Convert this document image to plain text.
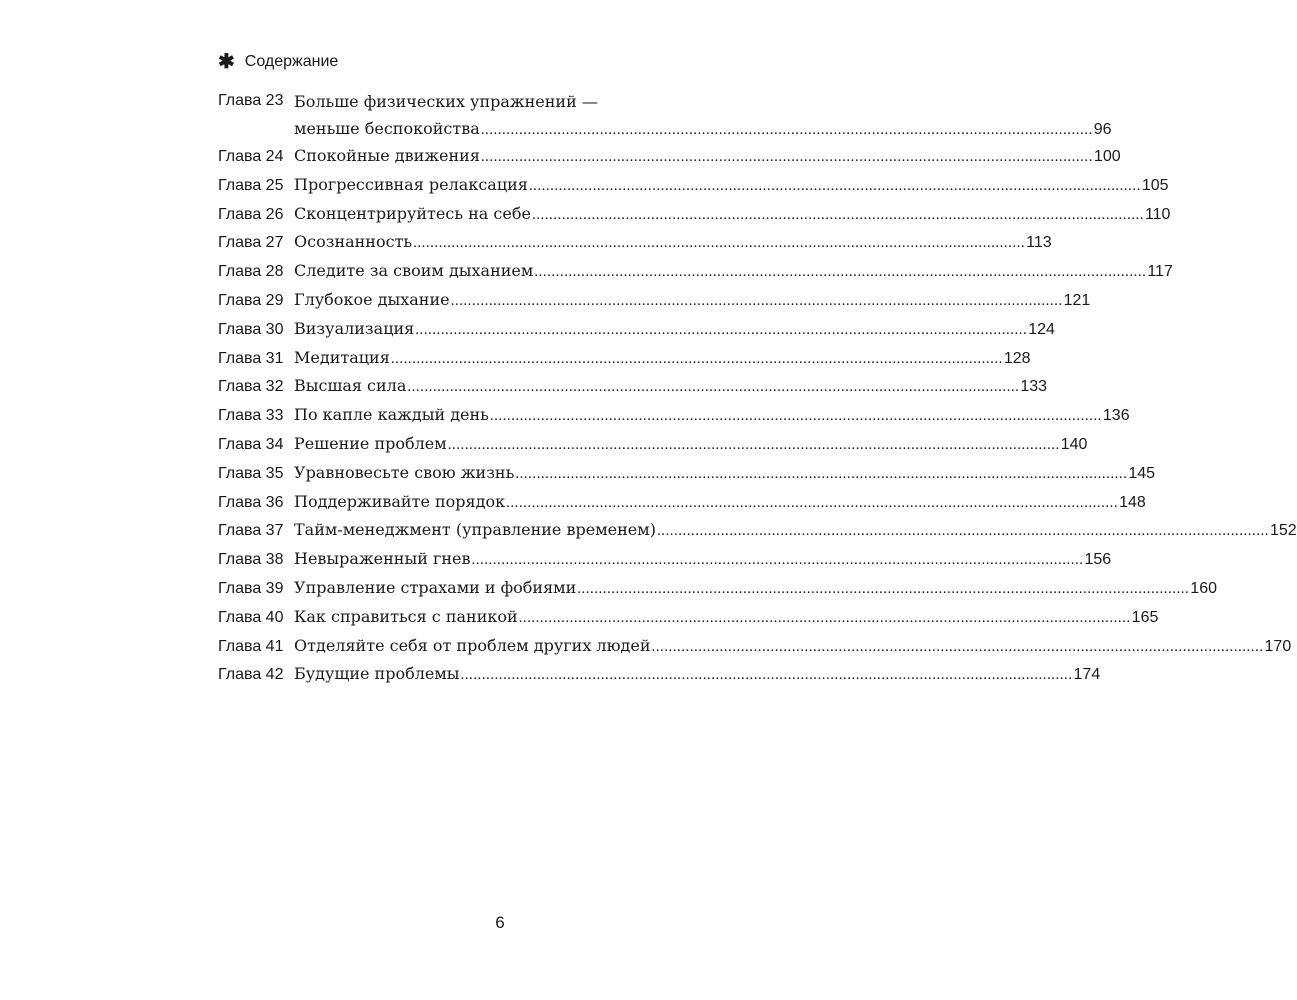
✱ Содержание
Глава 23 Больше физических упражнений —
меньше беспокойства .....	96
Глава 24 Спокойные движения .....	100
Глава 25 Прогрессивная релаксация .....	105
Глава 26 Сконцентрируйтесь на себе .....	110
Глава 27 Осознанность .....	113
Глава 28 Следите за своим дыханием .....	117
Глава 29 Глубокое дыхание .....	121
Глава 30 Визуализация .....	124
Глава 31 Медитация .....	128
Глава 32 Высшая сила .....	133
Глава 33 По капле каждый день .....	136
Глава 34 Решение проблем .....	140
Глава 35 Уравновесьте свою жизнь .....	145
Глава 36 Поддерживайте порядок .....	148
Глава 37 Тайм-менеджмент (управление временем) .....	152
Глава 38 Невыраженный гнев .....	156
Глава 39 Управление страхами и фобиями .....	160
Глава 40 Как справиться с паникой .....	165
Глава 41 Отделяйте себя от проблем других людей .....	170
Глава 42 Будущие проблемы .....	174
6
